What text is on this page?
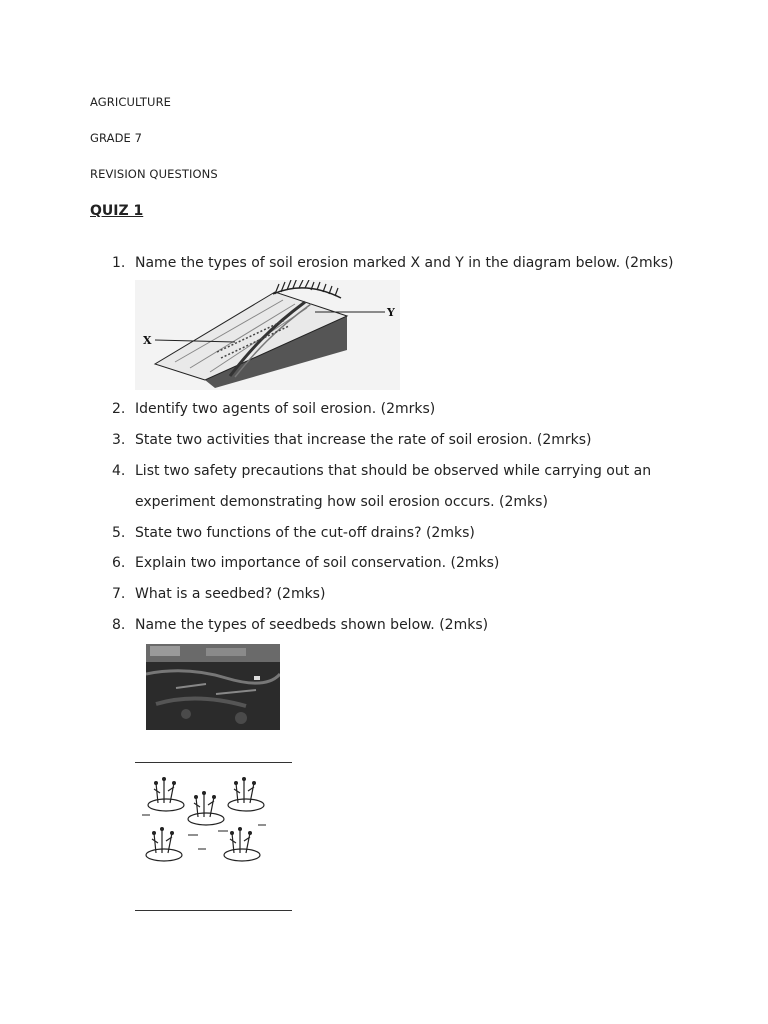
AGRICULTURE
GRADE 7
REVISION QUESTIONS
QUIZ 1
1. Name the types of soil erosion marked X and Y in the diagram below. (2mks)
X
Y
2. Identify two agents of soil erosion. (2mrks)
3. State two activities that increase the rate of soil erosion. (2mrks)
4. List two safety precautions that should be observed while carrying out an
experiment demonstrating how soil erosion occurs. (2mks)
5. State two functions of the cut-off drains? (2mks)
6. Explain two importance of soil conservation. (2mks)
7. What is a seedbed? (2mks)
8. Name the types of seedbeds shown below. (2mks)
